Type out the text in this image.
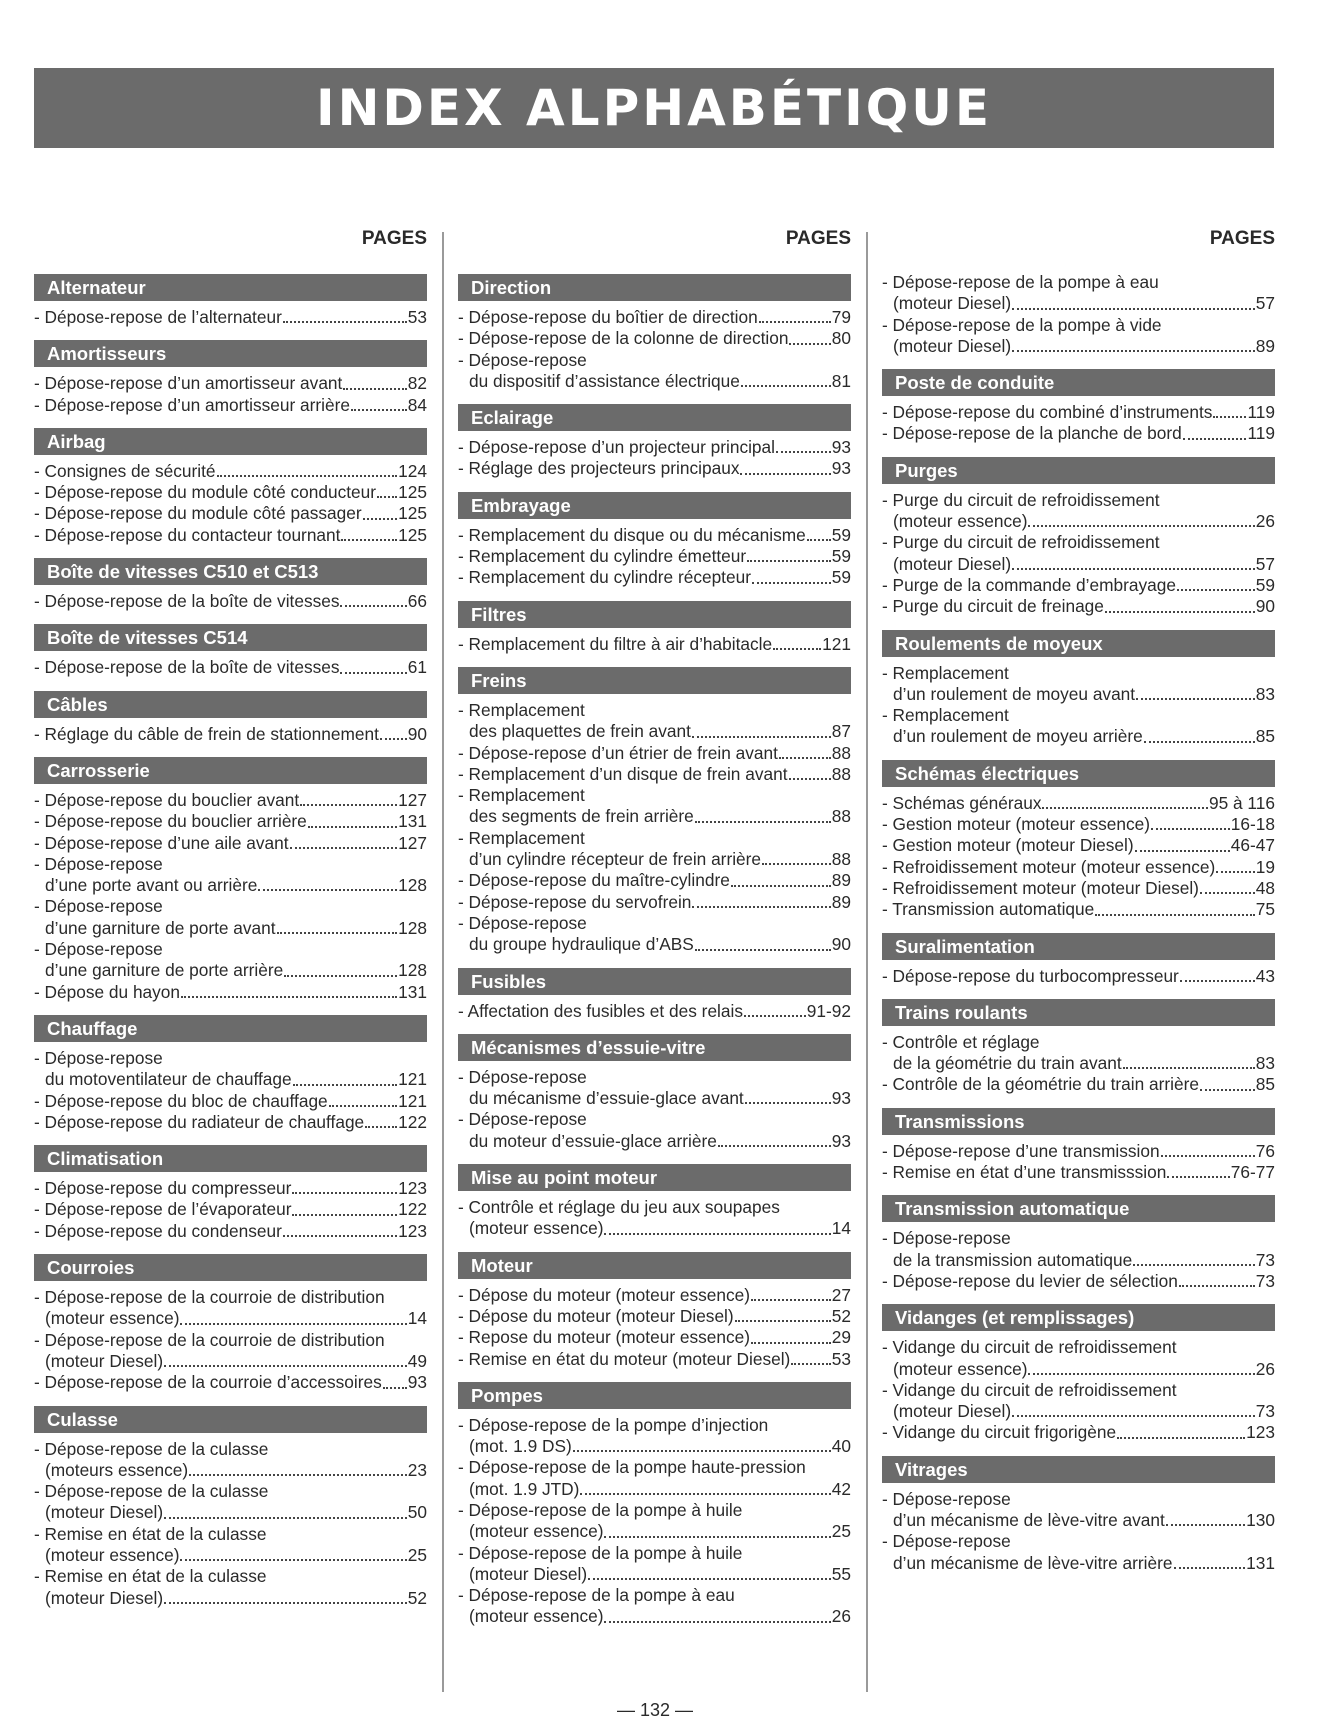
INDEX ALPHABÉTIQUE
PAGES
Alternateur
- Dépose-repose de l’alternateur	53
Amortisseurs
- Dépose-repose d’un amortisseur avant	82
- Dépose-repose d’un amortisseur arrière	84
Airbag
- Consignes de sécurité	124
- Dépose-repose du module côté conducteur 125
- Dépose-repose du module côté passager 125
- Dépose-repose du contacteur tournant	125
Boîte de vitesses C510 et C513
- Dépose-repose de la boîte de vitesses	66
Boîte de vitesses C514
- Dépose-repose de la boîte de vitesses	61
Câbles
- Réglage du câble de frein de stationnement 90
Carrosserie
- Dépose-repose du bouclier avant	127
- Dépose-repose du bouclier arrière	131
- Dépose-repose d’une aile avant	127
- Dépose-repose
d’une porte avant ou arrière	128
- Dépose-repose
d’une garniture de porte avant	128
- Dépose-repose
d’une garniture de porte arrière	128
- Dépose du hayon	131
Chauffage
- Dépose-repose
du motoventilateur de chauffage	121
- Dépose-repose du bloc de chauffage	121
- Dépose-repose du radiateur de chauffage 122
Climatisation
- Dépose-repose du compresseur	123
- Dépose-repose de l’évaporateur	122
- Dépose-repose du condenseur	123
Courroies
- Dépose-repose de la courroie de distribution
(moteur essence)	14
- Dépose-repose de la courroie de distribution
(moteur Diesel)	49
- Dépose-repose de la courroie d’accessoires 93
Culasse
- Dépose-repose de la culasse
(moteurs essence)	23
- Dépose-repose de la culasse
(moteur Diesel)	50
- Remise en état de la culasse
(moteur essence)	25
- Remise en état de la culasse
(moteur Diesel)	52
PAGES
Direction
- Dépose-repose du boîtier de direction	79
- Dépose-repose de la colonne de direction	80
- Dépose-repose
du dispositif d’assistance électrique	81
Eclairage
- Dépose-repose d’un projecteur principal	93
- Réglage des projecteurs principaux	93
Embrayage
- Remplacement du disque ou du mécanisme 59
- Remplacement du cylindre émetteur	59
- Remplacement du cylindre récepteur	59
Filtres
- Remplacement du filtre à air d’habitacle	121
Freins
- Remplacement
des plaquettes de frein avant	87
- Dépose-repose d’un étrier de frein avant	88
- Remplacement d’un disque de frein avant	88
- Remplacement
des segments de frein arrière	88
- Remplacement
d’un cylindre récepteur de frein arrière	88
- Dépose-repose du maître-cylindre	89
- Dépose-repose du servofrein	89
- Dépose-repose
du groupe hydraulique d’ABS	90
Fusibles
- Affectation des fusibles et des relais	91-92
Mécanismes d’essuie-vitre
- Dépose-repose
du mécanisme d’essuie-glace avant	93
- Dépose-repose
du moteur d’essuie-glace arrière	93
Mise au point moteur
- Contrôle et réglage du jeu aux soupapes
(moteur essence)	14
Moteur
- Dépose du moteur (moteur essence)	27
- Dépose du moteur (moteur Diesel)	52
- Repose du moteur (moteur essence)	29
- Remise en état du moteur (moteur Diesel) 53
Pompes
- Dépose-repose de la pompe d’injection
(mot. 1.9 DS)	40
- Dépose-repose de la pompe haute-pression
(mot. 1.9 JTD)	42
- Dépose-repose de la pompe à huile
(moteur essence)	25
- Dépose-repose de la pompe à huile
(moteur Diesel)	55
- Dépose-repose de la pompe à eau
(moteur essence)	26
PAGES
- Dépose-repose de la pompe à eau
(moteur Diesel)	57
- Dépose-repose de la pompe à vide
(moteur Diesel)	89
Poste de conduite
- Dépose-repose du combiné d’instruments 119
- Dépose-repose de la planche de bord	119
Purges
- Purge du circuit de refroidissement
(moteur essence)	26
- Purge du circuit de refroidissement
(moteur Diesel)	57
- Purge de la commande d’embrayage	59
- Purge du circuit de freinage	90
Roulements de moyeux
- Remplacement
d’un roulement de moyeu avant	83
- Remplacement
d’un roulement de moyeu arrière	85
Schémas électriques
- Schémas généraux	95 à 116
- Gestion moteur (moteur essence)	16-18
- Gestion moteur (moteur Diesel)	46-47
- Refroidissement moteur (moteur essence) 19
- Refroidissement moteur (moteur Diesel)	48
- Transmission automatique	75
Suralimentation
- Dépose-repose du turbocompresseur	43
Trains roulants
- Contrôle et réglage
de la géométrie du train avant	83
- Contrôle de la géométrie du train arrière	85
Transmissions
- Dépose-repose d’une transmission	76
- Remise en état d’une transmisssion	76-77
Transmission automatique
- Dépose-repose
de la transmission automatique	73
- Dépose-repose du levier de sélection	73
Vidanges (et remplissages)
- Vidange du circuit de refroidissement
(moteur essence)	26
- Vidange du circuit de refroidissement
(moteur Diesel)	73
- Vidange du circuit frigorigène	123
Vitrages
- Dépose-repose
d’un mécanisme de lève-vitre avant	130
- Dépose-repose
d’un mécanisme de lève-vitre arrière	131
— 132 —
